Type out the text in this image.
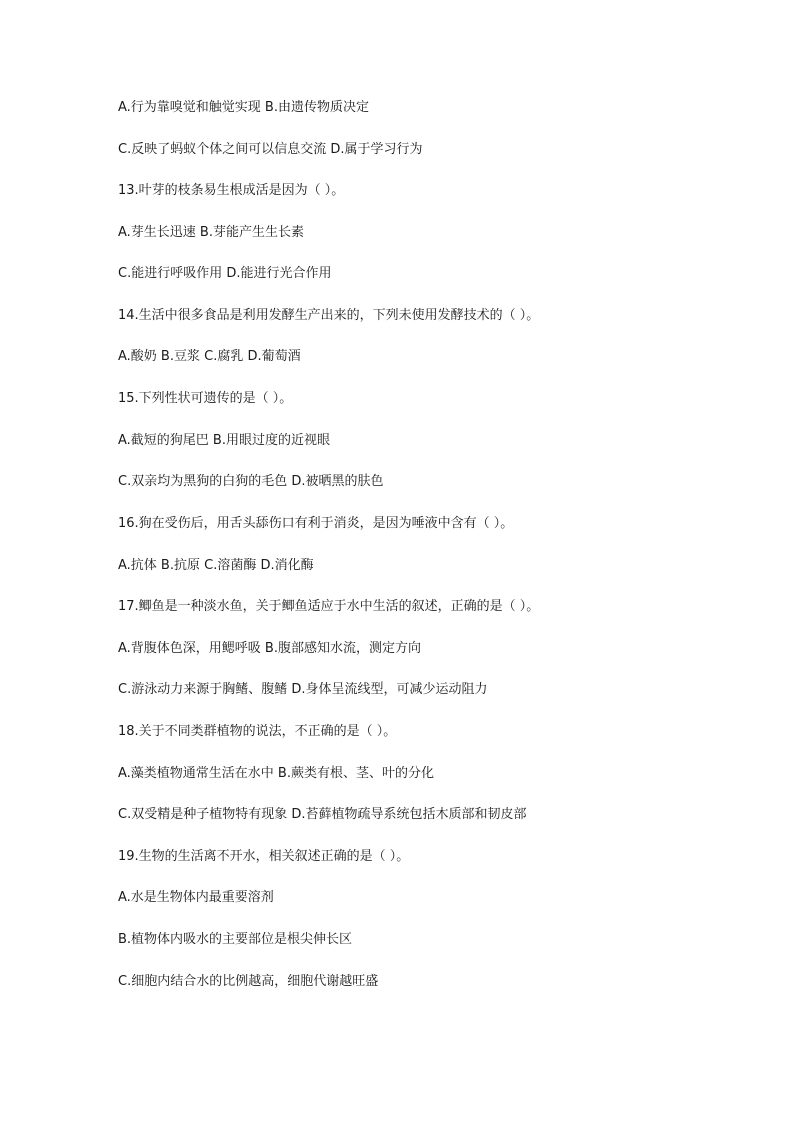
A.行为靠嗅觉和触觉实现 B.由遗传物质决定
C.反映了蚂蚁个体之间可以信息交流 D.属于学习行为
13.叶芽的枝条易生根成活是因为（ ）。
A.芽生长迅速 B.芽能产生生长素
C.能进行呼吸作用 D.能进行光合作用
14.生活中很多食品是利用发酵生产出来的，下列未使用发酵技术的（ ）。
A.酸奶 B.豆浆 C.腐乳 D.葡萄酒
15.下列性状可遗传的是（ ）。
A.截短的狗尾巴 B.用眼过度的近视眼
C.双亲均为黑狗的白狗的毛色 D.被晒黑的肤色
16.狗在受伤后，用舌头舔伤口有利于消炎，是因为唾液中含有（ ）。
A.抗体 B.抗原 C.溶菌酶 D.消化酶
17.鲫鱼是一种淡水鱼，关于鲫鱼适应于水中生活的叙述，正确的是（ ）。
A.背腹体色深，用鳃呼吸 B.腹部感知水流，测定方向
C.游泳动力来源于胸鳍、腹鳍 D.身体呈流线型，可减少运动阻力
18.关于不同类群植物的说法，不正确的是（ ）。
A.藻类植物通常生活在水中 B.蕨类有根、茎、叶的分化
C.双受精是种子植物特有现象 D.苔藓植物疏导系统包括木质部和韧皮部
19.生物的生活离不开水，相关叙述正确的是（ ）。
A.水是生物体内最重要溶剂
B.植物体内吸水的主要部位是根尖伸长区
C.细胞内结合水的比例越高，细胞代谢越旺盛
